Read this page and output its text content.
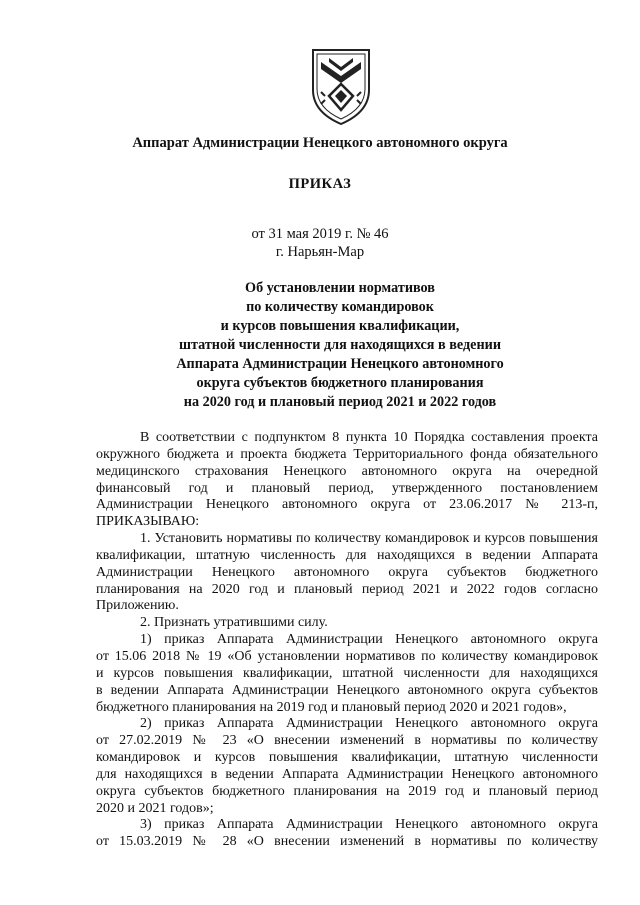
Аппарат Администрации Ненецкого автономного округа
ПРИКАЗ
от 31 мая 2019 г. № 46
г. Нарьян-Мар
Об установлении нормативов
по количеству командировок
и курсов повышения квалификации,
штатной численности для находящихся в ведении
Аппарата Администрации Ненецкого автономного
округа субъектов бюджетного планирования
на 2020 год и плановый период 2021 и 2022 годов
В соответствии с подпунктом 8 пункта 10 Порядка составления проекта
окружного бюджета и проекта бюджета Территориального фонда обязательного
медицинского страхования Ненецкого автономного округа на очередной
финансовый год и плановый период, утвержденного постановлением
Администрации Ненецкого автономного округа от 23.06.2017 № 213-п,
ПРИКАЗЫВАЮ:
1. Установить нормативы по количеству командировок и курсов повышения
квалификации, штатную численность для находящихся в ведении Аппарата
Администрации Ненецкого автономного округа субъектов бюджетного
планирования на 2020 год и плановый период 2021 и 2022 годов согласно
Приложению.
2. Признать утратившими силу.
1) приказ Аппарата Администрации Ненецкого автономного округа
от 15.06 2018 № 19 «Об установлении нормативов по количеству командировок
и курсов повышения квалификации, штатной численности для находящихся
в ведении Аппарата Администрации Ненецкого автономного округа субъектов
бюджетного планирования на 2019 год и плановый период 2020 и 2021 годов»,
2) приказ Аппарата Администрации Ненецкого автономного округа
от 27.02.2019 № 23 «О внесении изменений в нормативы по количеству
командировок и курсов повышения квалификации, штатную численности
для находящихся в ведении Аппарата Администрации Ненецкого автономного
округа субъектов бюджетного планирования на 2019 год и плановый период
2020 и 2021 годов»;
3) приказ Аппарата Администрации Ненецкого автономного округа
от 15.03.2019 № 28 «О внесении изменений в нормативы по количеству
